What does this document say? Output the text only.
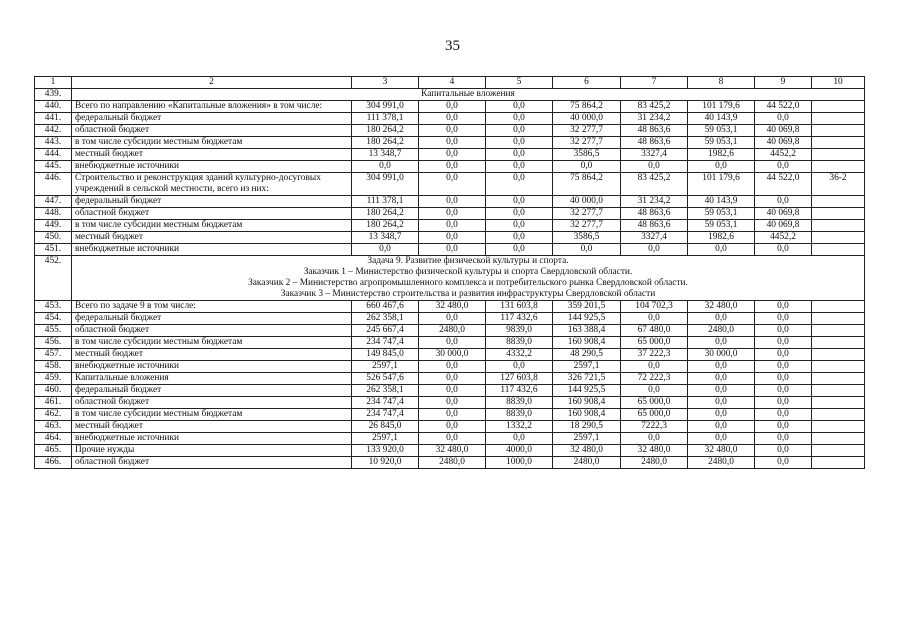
35
1	2	3	4	5	6	7	8	9	10
439.	Капитальные вложения								
440.	Всего по направлению «Капитальные вложения» в том числе:	304 991,0	0,0	0,0	75 864,2	83 425,2	101 179,6	44 522,0	
441.	федеральный бюджет	111 378,1	0,0	0,0	40 000,0	31 234,2	40 143,9	0,0	
442.	областной бюджет	180 264,2	0,0	0,0	32 277,7	48 863,6	59 053,1	40 069,8	
443.	в том числе субсидии местным бюджетам	180 264,2	0,0	0,0	32 277,7	48 863,6	59 053,1	40 069,8	
444.	местный бюджет	13 348,7	0,0	0,0	3586,5	3327,4	1982,6	4452,2	
445.	внебюджетные источники	0,0	0,0	0,0	0,0	0,0	0,0	0,0	
446.	Строительство и реконструкция зданий культурно-досуговых учреждений в сельской местности, всего из них:	304 991,0	0,0	0,0	75 864,2	83 425,2	101 179,6	44 522,0	36-2
447.	федеральный бюджет	111 378,1	0,0	0,0	40 000,0	31 234,2	40 143,9	0,0	
448.	областной бюджет	180 264,2	0,0	0,0	32 277,7	48 863,6	59 053,1	40 069,8	
449.	в том числе субсидии местным бюджетам	180 264,2	0,0	0,0	32 277,7	48 863,6	59 053,1	40 069,8	
450.	местный бюджет	13 348,7	0,0	0,0	3586,5	3327,4	1982,6	4452,2	
451.	внебюджетные источники	0,0	0,0	0,0	0,0	0,0	0,0	0,0	
452.	Задача 9. Развитие физической культуры и спорта.
Заказчик 1 – Министерство физической культуры и спорта Свердловской области.
Заказчик 2 – Министерство агропромышленного комплекса и потребительского рынка Свердловской области.
Заказчик 3 – Министерство строительства и развития инфраструктуры Свердловской области								

453.	Всего по задаче 9 в том числе:	660 467,6	32 480,0	131 603,8	359 201,5	104 702,3	32 480,0	0,0	
454.	федеральный бюджет	262 358,1	0,0	117 432,6	144 925,5	0,0	0,0	0,0	
455.	областной бюджет	245 667,4	2480,0	9839,0	163 388,4	67 480,0	2480,0	0,0	
456.	в том числе субсидии местным бюджетам	234 747,4	0,0	8839,0	160 908,4	65 000,0	0,0	0,0	
457.	местный бюджет	149 845,0	30 000,0	4332,2	48 290,5	37 222,3	30 000,0	0,0	
458.	внебюджетные источники	2597,1	0,0	0,0	2597,1	0,0	0,0	0,0	
459.	Капитальные вложения	526 547,6	0,0	127 603,8	326 721,5	72 222,3	0,0	0,0	
460.	федеральный бюджет	262 358,1	0,0	117 432,6	144 925,5	0,0	0,0	0,0	
461.	областной бюджет	234 747,4	0,0	8839,0	160 908,4	65 000,0	0,0	0,0	
462.	в том числе субсидии местным бюджетам	234 747,4	0,0	8839,0	160 908,4	65 000,0	0,0	0,0	
463.	местный бюджет	26 845,0	0,0	1332,2	18 290,5	7222,3	0,0	0,0	
464.	внебюджетные источники	2597,1	0,0	0,0	2597,1	0,0	0,0	0,0	
465.	Прочие нужды	133 920,0	32 480,0	4000,0	32 480,0	32 480,0	32 480,0	0,0	
466.	областной бюджет	10 920,0	2480,0	1000,0	2480,0	2480,0	2480,0	0,0	
